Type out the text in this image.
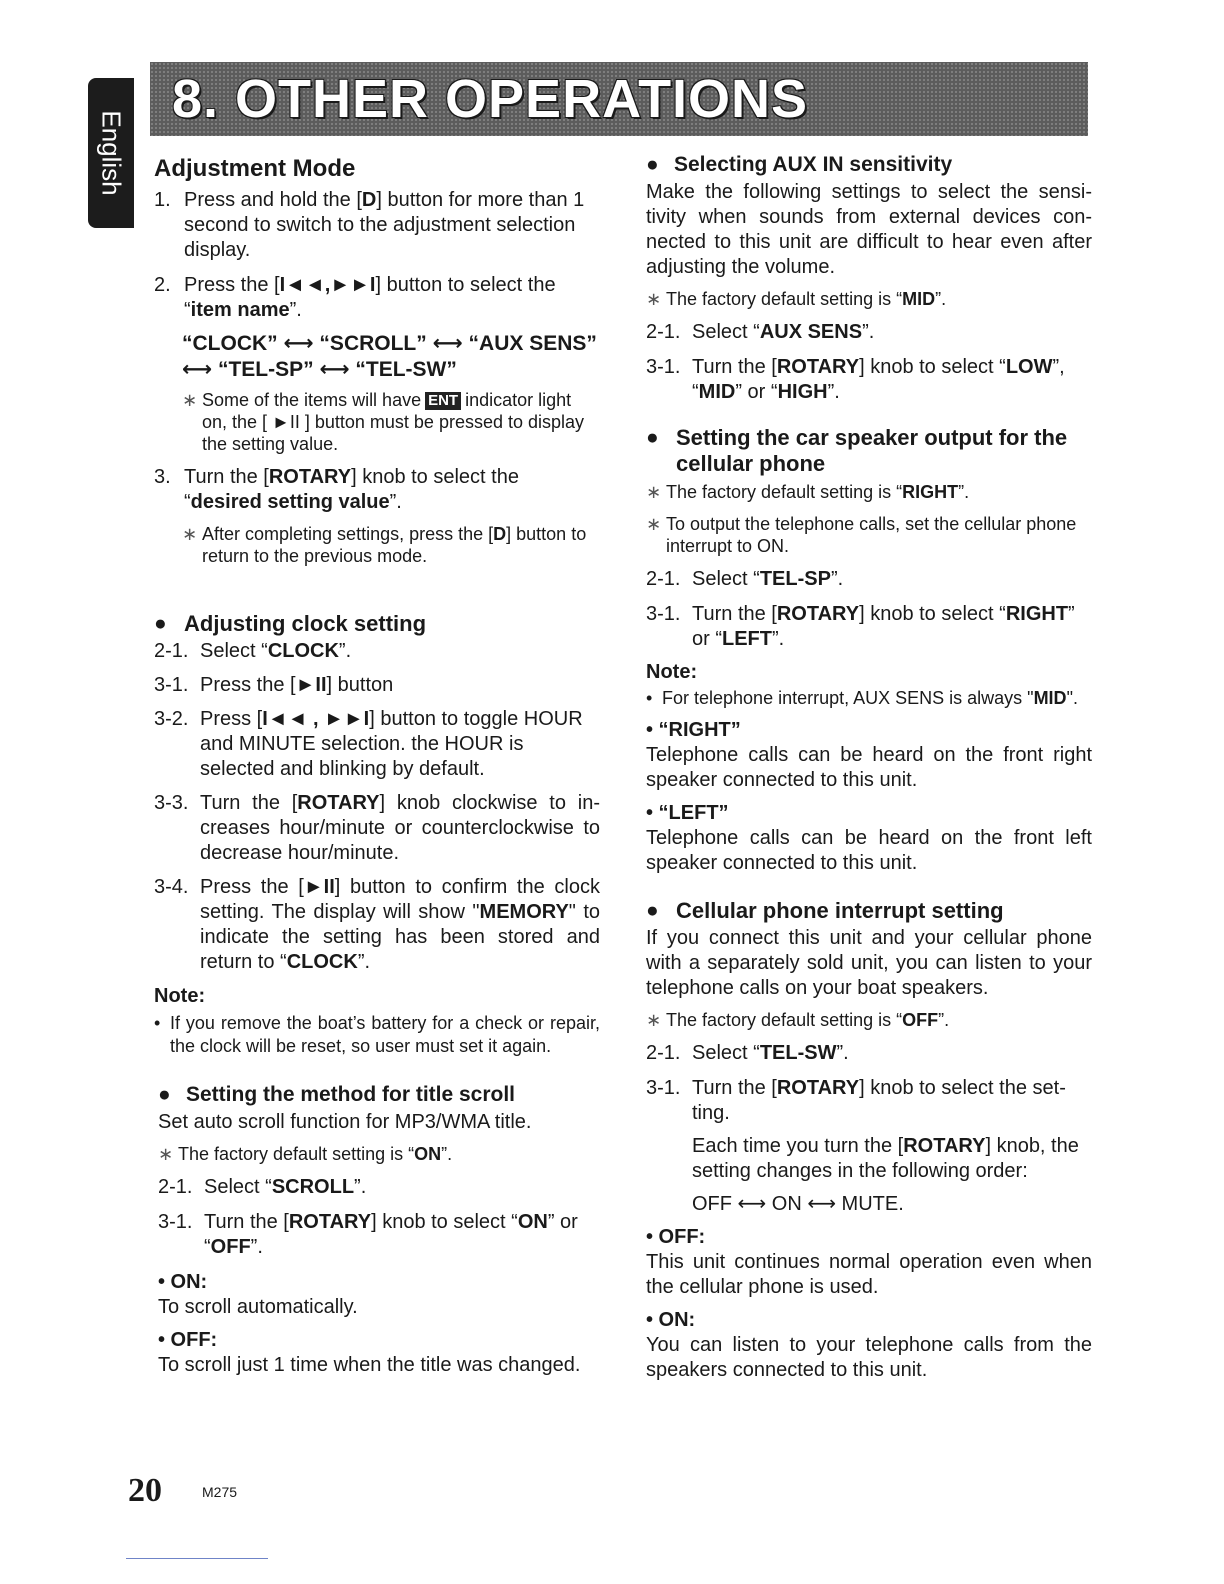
English
8. OTHER OPERATIONS
Adjustment Mode
1. Press and hold the [D] button for more than 1 second to switch to the adjustment selection display.
2. Press the [I◄◄,►►I] button to select the “item name”.
“CLOCK” ⟷ “SCROLL” ⟷ “AUX SENS”
⟷ “TEL-SP” ⟷ “TEL-SW”
∗ Some of the items will have ENT indicator light on, the [ ►II ] button must be pressed to display the setting value.
3. Turn the [ROTARY] knob to select the “desired setting value”.
∗ After completing settings, press the [D] button to return to the previous mode.
● Adjusting clock setting
2-1. Select “CLOCK”.
3-1. Press the [►II] button
3-2. Press [I◄◄ , ►►I] button to toggle HOUR and MINUTE selection. the HOUR is selected and blinking by default.
3-3. Turn the [ROTARY] knob clockwise to in- creases hour/minute or counterclockwise to decrease hour/minute.
3-4. Press the [►II] button to confirm the clock setting. The display will show "MEMORY" to indicate the setting has been stored and return to “CLOCK”.
Note:
• If you remove the boat’s battery for a check or repair, the clock will be reset, so user must set it again.
● Setting the method for title scroll

Set auto scroll function for MP3/WMA title.

∗ The factory default setting is “ON”.
2-1. Select “SCROLL”.
3-1. Turn the [ROTARY] knob to select “ON” or “OFF”.
• ON:

To scroll automatically.

• OFF:

To scroll just 1 time when the title was changed.

● Selecting AUX IN sensitivity

Make the following settings to select the sensi- tivity when sounds from external devices con- nected to this unit are difficult to hear even after adjusting the volume.

∗ The factory default setting is “MID”.
2-1. Select “AUX SENS”.
3-1. Turn the [ROTARY] knob to select “LOW”, “MID” or “HIGH”.
● Setting the car speaker output for the cellular phone
∗ The factory default setting is “RIGHT”.
∗ To output the telephone calls, set the cellular phone interrupt to ON.
2-1. Select “TEL-SP”.
3-1. Turn the [ROTARY] knob to select “RIGHT” or “LEFT”.
Note:
• For telephone interrupt, AUX SENS is always "MID".
• “RIGHT”

Telephone calls can be heard on the front right speaker connected to this unit.

• “LEFT”

Telephone calls can be heard on the front left speaker connected to this unit.

● Cellular phone interrupt setting

If you connect this unit and your cellular phone with a separately sold unit, you can listen to your telephone calls on your boat speakers.

∗ The factory default setting is “OFF”.
2-1. Select “TEL-SW”.
3-1. Turn the [ROTARY] knob to select the set- ting.

Each time you turn the [ROTARY] knob, the setting changes in the following order:

OFF ⟷ ON ⟷ MUTE.

• OFF:

This unit continues normal operation even when the cellular phone is used.

• ON:

You can listen to your telephone calls from the speakers connected to this unit.

20	M275
